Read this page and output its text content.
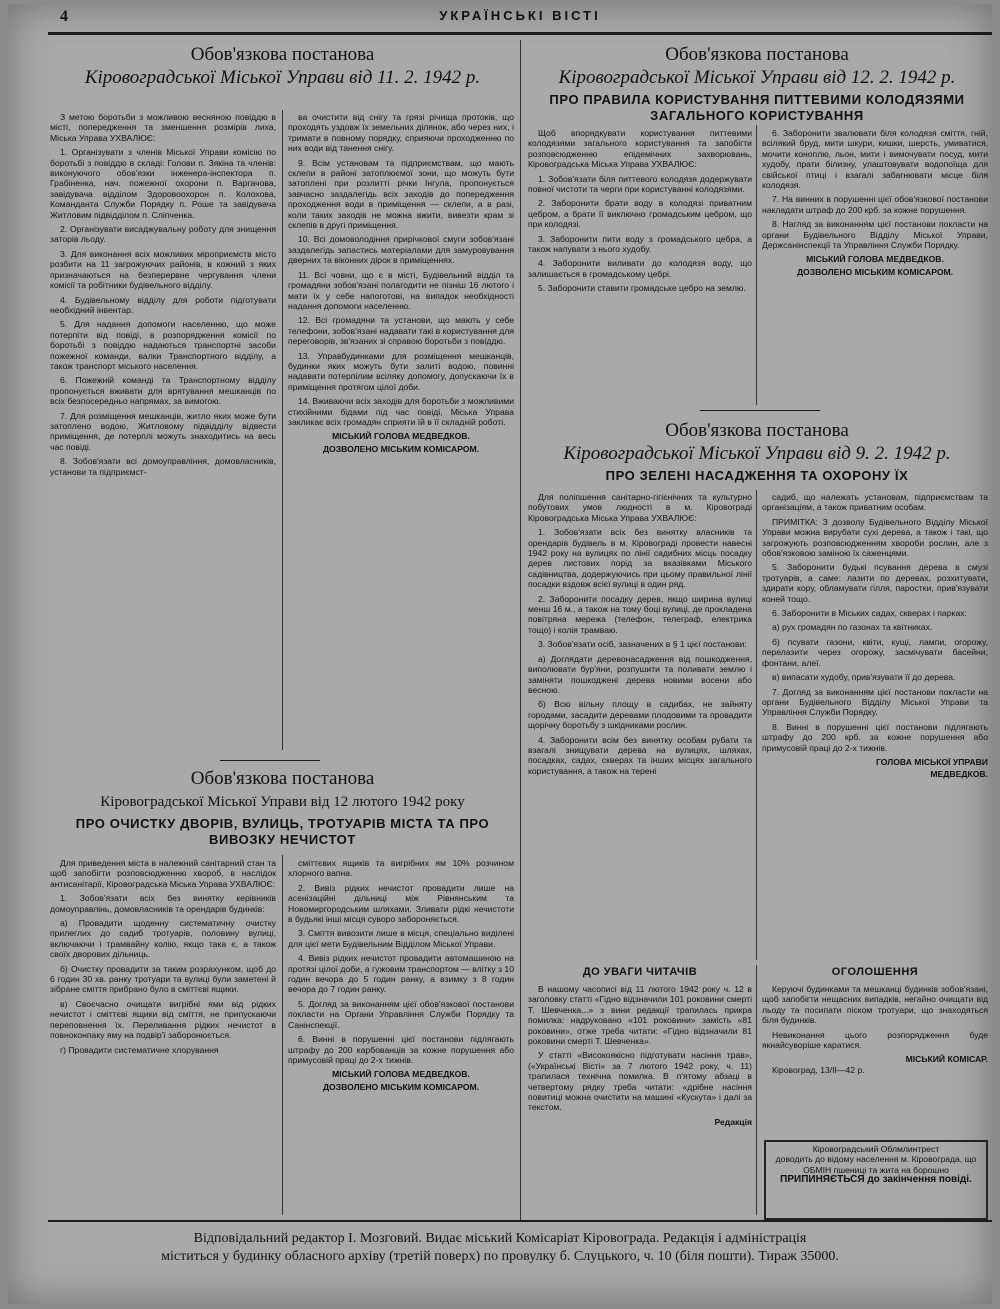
4	УКРАЇНСЬКІ ВІСТІ
Обов'язкова постанова
Кіровоградської Міської Управи від 11. 2. 1942 р.

З метою боротьби з можливою весняною повіддю в місті, попередження та зменшення розмірів лиха, Міська Управа УХВАЛЮЄ:

1. Організувати з членів Міської Управи комісію по боротьбі з повіддю в складі: Голови п. Зякіна та членів: виконуючого обов'язки інженера-інспектора п. Грабіненка, нач. пожежної охорони п. Варгачова, завідувача відділом Здоровоохорон п. Колохова, Командантa Служби Порядку п. Роше та завідувача Житловим підвідділом п. Сліпченка.

2. Організувати висаджувальну роботу для знищення заторів льоду.

3. Для виконання всіх можливих міроприємств місто розбити на 11 загрожуючих районів, в кожний з яких призначаються на безперервне чергування члени комісії та робітники будівельного відділу.

4. Будівельному відділу для роботи підготувати необхідний інвентар.

5. Для надання допомоги населенню, що може потерпіти від повіді, в розпорядження комісії по боротьбі з повіддю надаються транспортні засоби пожежної команди, валки Транспортного відділу, а також транспорт міського населення.

6. Пожежній команді та Транспортному відділу пропонується вживати для врятування мешканців по всіх безпосередньо напрямах, за вимогою.

7. Для розміщення мешканців, житло яких може бути затоплено водою, Житловому підвідділу відвести приміщення, де потерплі можуть знаходитись на весь час повіді.

8. Зобов'язати всі домоуправління, домовласників, установи та підприємст-

ва очистити від снігу та грязі річища протоків, що проходять уздовж їх земельних ділянок, або через них, і тримати в повному порядку, сприяючи проходженню по них води від танення снігу.

9. Всім установам та підприємствам, що мають склепи в районі затоплюємої зони, що можуть бути затоплені при розлитті річки Інгула, пропонується завчасно заздалегідь всіх заходів до попередження проходження води в приміщення — склепи, а в разі, коли таких заходів не можна вжити, вивезти крам зі склепів в другі приміщення.

10. Всі домоволодіння прирічкової смуги зобов'язані заздалегідь запастись матеріалами для замуровування дверних та віконних дірок в приміщеннях.

11. Всі човни, що є в місті, Будівельний відділ та громадяни зобов'язані полагодити не пізніш 16 лютого і мати їх у себе напоготові, на випадок необхідності надання допомоги населенню.

12. Всі громадяни та установи, що мають у себе телефони, зобов'язані надавати такі в користування для переговорів, зв'язаних зі справою боротьби з повіддю.

13. Управбудинками для розміщення мешканців, будинки яких можуть бути залиті водою, повинні надавати потерпілим всіляку допомогу, допускаючи їх в приміщення протягом цілої доби.

14. Вживаючи всіх заходів для боротьби з можливими стихійними бідами під час повіді, Міська Управа закликає всіх громадян сприяти їй в її складній роботі.

МІСЬКИЙ ГОЛОВА МЕДВЕДКОВ.

ДОЗВОЛЕНО МІСЬКИМ КОМІСАРОМ.

Обов'язкова постанова
Кіровоградської Міської Управи від 12. 2. 1942 р.
ПРО ПРАВИЛА КОРИСТУВАННЯ ПИТТЕВИМИ КОЛОДЯЗЯМИ ЗАГАЛЬНОГО КОРИСТУВАННЯ

Щоб впорядкувати користування питтевими колодязями загального користування та запобігти розповсюдженню епідемічних захворювань, Кіровоградська Міська Управа УХВАЛЮЄ:

1. Зобов'язати біля питтевого колодязя додержувати повної чистоти та черги при користуванні колодязями.

2. Заборонити брати воду в колодязі приватним цебром, а брати її виключно громадським цебром, що при колодязі.

3. Заборонити пити воду з громадського цебра, а також напувати з нього худобу.

4. Заборонити виливати до колодязя воду, що залишається в громадському цебрі.

5. Заборонити ставити громадське цебро на землю.

6. Заборонити звалювати біля колодязя сміття, гній, всілякий бруд, мити шкури, кишки, шерсть, умиватися, мочити коноплю, льон, мити і вимочувати посуд, мити худобу, прати білизну, улаштовувати водопоїща для свійської птиці і взагалі забагнювати місце біля колодязя.

7. На винних в порушенні цієї обов'язкової постанови накладати штраф до 200 крб. за кожне порушення.

8. Нагляд за виконанням цієї постанови покласти на органи Будівельного Відділу Міської Управи, Держсанінспекції та Управління Служби Порядку.

МІСЬКИЙ ГОЛОВА МЕДВЕДКОВ.

ДОЗВОЛЕНО МІСЬКИМ КОМІСАРОМ.

Обов'язкова постанова
Кіровоградської Міської Управи від 9. 2. 1942 р.
ПРО ЗЕЛЕНІ НАСАДЖЕННЯ ТА ОХОРОНУ ЇХ

Для поліпшення санітарно-гігієнічних та культурно побутових умов людності в м. Кіровограді Кіровоградська Міська Управа УХВАЛЮЄ:

1. Зобов'язати всіх без винятку власників та орендарів будівель в м. Кіровограді провести навесні 1942 року на вулицях по лінії садибних місць посадку дерев листових порід за вказівками Міського садівництва, додержуючись при цьому правильної лінії посадки вздовж всієї вулиці в один ряд.

2. Заборонити посадку дерев, якщо ширина вулиці менш 16 м., а також на тому боці вулиці, де прокладена повітряна мережа (телефон, телеграф, електрика тощо) і колія трамваю.

3. Зобов'язати осіб, зазначених в § 1 цієї постанови:

а) Доглядати деревонасадження від пошкодження, виполювати бур'яни, розпушити та поливати землю і заміняти пошкоджені дерева новими восени або весною.

б) Всю вільну площу в садибах, не зайняту городами, засадити деревами плодовими та провадити щорічну боротьбу з шкідниками рослин.

4. Заборонити всім без винятку особам рубати та взагалі знищувати дерева на вулицях, шляхах, посадках, садах, скверах та інших місцях загального користування, а також на терені

садиб, що належать установам, підприємствам та організаціям, а також приватним особам.

ПРИМІТКА: З дозволу Будівельного Відділу Міської Управи можна вирубати сухі дерева, а також і такі, що загрожують розповсюдженням хвороби рослин, але з обов'язковою заміною їх саженцями.

5. Заборонити будькі псування дерева в смузі тротуарів, а саме: лазити по деревах, розхитувати, здирати кору, обламувати гілля, паростки, прив'язувати коней тощо.

6. Заборонити в Міських садах, скверах і парках:

а) рух громадян по газонах та квітниках.

б) псувати газони, квіти, кущі, лампи, огорожу, перелазити через огорожу, засмічувати басейни, фонтани, алеї.

в) випасати худобу, прив'язувати її до дерева.

7. Догляд за виконанням цієї постанови покласти на органи Будівельного Відділу Міської Управи та Управління Служби Порядку.

8. Винні в порушенні цієї постанови підлягають штрафу до 200 крб. за кожне порушення або примусовій праці до 2-х тижнів.

ГОЛОВА МІСЬКОЇ УПРАВИ

МЕДВЕДКОВ.

Обов'язкова постанова
Кіровоградської Міської Управи від 12 лютого 1942 року
ПРО ОЧИСТКУ ДВОРІВ, ВУЛИЦЬ, ТРОТУАРІВ МІСТА ТА ПРО ВИВОЗКУ НЕЧИСТОТ

Для приведення міста в належний санітарний стан та щоб запобігти розповсюдженню хвороб, в наслідок антисанітарії, Кіровоградська Міська Управа УХВАЛЮЄ:

1. Зобов'язати всіх без винятку керівників домоуправлінь, домовласників та орендарів будинків:

а) Провадити щоденну систематичну очистку прилеглих до садиб тротуарів, половину вулиці, включаючи і трамвайну колію, якщо така є, а також своїх дворових дільниць.

б) Очистку провадити за таким розрахунком, щоб до 6 годин 30 хв. ранку тротуари та вулиці були заметені й зібране сміття прибрано було в сміттєві ящики.

в) Своєчасно очищати вигрібні ями від рідких нечистот і сміттєві ящики від сміття, не припускаючи переповнення їх. Переливання рідких нечистот в повноконпаку яму на подвір'ї заборонюється.

г) Провадити систематичне хлорування

сміттєвих ящиків та вигрібних ям 10% розчином хлорного вапна.

2. Вивіз рідких нечистот провадити лише на асенізаційні дільниці між Рівнянським та Новомиргородським шляхами. Зливати рідкі нечистоти в будьякі інші місця суворо забороняється.

3. Сміття вивозити лише в місця, спеціально виділені для цієї мети Будівельним Відділом Міської Управи.

4. Вивіз рідких нечистот провадити автомашиною на протязі цілої доби, а гужовим транспортом — влітку з 10 годин вечора до 5 годин ранку, а взимку з 8 годин вечора до 7 годин ранку.

5. Догляд за виконанням цієї обов'язкової постанови покласти на Органи Управління Служби Порядку та Санінспекції.

6. Винні в порушенні цієї постанови підлягають штрафу до 200 карбованців за кожне порушення або примусовій праці до 2-х тижнів.

МІСЬКИЙ ГОЛОВА МЕДВЕДКОВ.

ДОЗВОЛЕНО МІСЬКИМ КОМІСАРОМ.

ДО УВАГИ ЧИТАЧІВ

В нашому часописі від 11 лютого 1942 року ч. 12 в заголовку статті «Гідно відзначили 101 роковини смерті Т. Шевченка...» з вини редакції трапилась прикра помилка: надруковано «101 роковини» замість «81 роковини», отже треба читати: «Гідно відзначили 81 роковини смерті Т. Шевченка».

У статті «Високоякісно підготувати насіння трав», («Українські Вісті» за 7 лютого 1942 року, ч. 11) трапилася технічна помилка. В п'ятому абзаці в четвертому рядку треба читати: «дрібне насіння повитиці можна очистити на машині «Кускута» і далі за текстом.

Редакція

ОГОЛОШЕННЯ

Керуючі будинками та мешканці будинків зобов'язані, щоб запобігти нещасних випадків, негайно очищати від льоду та посипати піском тротуари, що знаходяться біля будинків.

Невиконання цього розпорядження буде якнайсуворіше каратися.

МІСЬКИЙ КОМІСАР.

Кіровоград, 13/II—42 р.

Кіровоградський Облмлинтрест
доводить до відому населення м. Кіровограда, що ОБМІН пшениці та жита на борошно
ПРИПИНЯЄТЬСЯ до закінчення повіді.
Відповідальний редактор І. Мозговий. Видає міський Комісаріат Кіровограда. Редакція і адміністрація
міститься у будинку обласного архіву (третій поверх) по провулку б. Слуцького, ч. 10 (біля пошти). Тираж 35000.
